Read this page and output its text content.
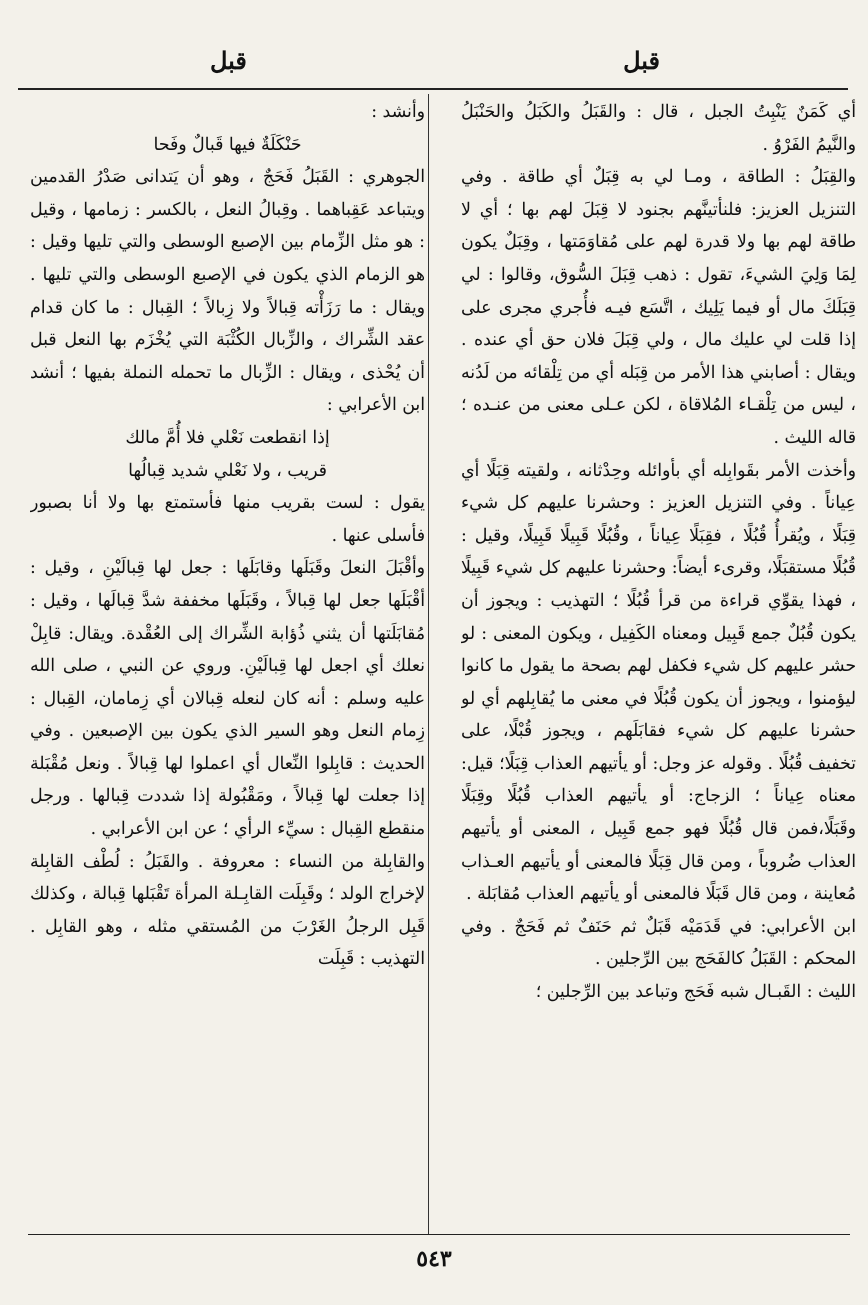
قبل
قبل

أي كَمَنٌ يَنْبِتُ الجبل ، قال : والقَبَلُ والكَبَلُ والحَنْبَلُ والنَّيمُ الفَرْوُ .

والقِبَلُ : الطاقة ، ومـا لي به قِبَلٌ أي طاقة . وفي التنزيل العزيز: فلنأتينَّهم بجنود لا قِبَلَ لهم بها ؛ أي لا طاقة لهم بها ولا قدرة لهم على مُقاوَمَتها ، وقِبَلٌ يكون لِمَا وَلِيَ الشيءَ، تقول : ذهب قِبَلَ السُّوق، وقالوا : لي قِبَلَكَ مال أو فيما يَلِيك ، اتَّسَع فيـه فأُجري مجرى على إذا قلت لي عليك مال ، ولي قِبَلَ فلان حق أي عنده . ويقال : أصابني هذا الأمر من قِبَله أي من تِلْقائه من لَدُنه ، ليس من تِلْقـاء المُلاقاة ، لكن عـلى معنى من عنـده ؛ قاله الليث .

وأخذت الأمر بقَوابِله أي بأوائله وحِدْثانه ، ولقيته قِبَلًا أي عِياناً . وفي التنزيل العزيز : وحشرنا عليهم كل شيء قِبَلًا ، ويُقرأُ قُبُلًا ، فقِبَلًا عِياناً ، وقُبُلًا قَبِيلًا قَبِيلًا، وقيل : قُبُلًا مستقبَلًا، وقرىء أيضاً: وحشرنا عليهم كل شيء قَبِيلًا ، فهذا يقوِّي قراءة من قرأ قُبُلًا ؛ التهذيب : ويجوز أن يكون قُبُلٌ جمع قَبِيل ومعناه الكَفِيل ، ويكون المعنى : لو حشر عليهم كل شيء فكفل لهم بصحة ما يقول ما كانوا ليؤمنوا ، ويجوز أن يكون قُبُلًا في معنى ما يُقابِلهم أي لو حشرنا عليهم كل شيء فقابَلَهم ، ويجوز قُبْلًا، على تخفيف قُبُلًا . وقوله عز وجل: أو يأتيهم العذاب قِبَلًا؛ قيل: معناه عِياناً ؛ الزجاج: أو يأتيهم العذاب قُبُلًا وقِبَلًا وقَبَلًا،فمن قال قُبُلًا فهو جمع قَبِيل ، المعنى أو يأتيهم العذاب ضُروباً ، ومن قال قِبَلًا فالمعنى أو يأتيهم العـذاب مُعاينة ، ومن قال قَبَلًا فالمعنى أو يأتيهم العذاب مُقابَلة .

ابن الأعرابي: في قَدَمَيْه قَبَلٌ ثم حَنَفٌ ثم فَحَجٌ . وفي المحكم : القَبَلُ كالفَحَج بين الرِّجلين .

الليث : القَبـال شبه فَحَج وتباعد بين الرِّجلين ؛

وأنشد :

حَنْكَلَةٌ فيها قَبالٌ وفَحا

الجوهري : القَبَلُ فَحَجٌ ، وهو أن يَتدانى صَدْرُ القدمين ويتباعد عَقِباهما . وقِبالُ النعل ، بالكسر : زمامها ، وقيل : هو مثل الزِّمام بين الإصبع الوسطى والتي تليها وقيل : هو الزمام الذي يكون في الإصبع الوسطى والتي تليها . ويقال : ما رَزَأْته قِبالاً ولا زِبالاً ؛ القِبال : ما كان قدام عقد الشِّراك ، والزِّبال الكُثْبَة التي يُخْزَم بها النعل قبل أن يُحْذى ، ويقال : الزِّبال ما تحمله النملة بفيها ؛ أنشد ابن الأعرابي :

إذا انقطعت نَعْلي فلا أُمَّ مالك
قريب ، ولا نَعْلي شديد قِبالُها

يقول : لست بقريب منها فأستمتع بها ولا أنا بصبور فأسلى عنها .

وأقْبَلَ النعلَ وقَبَلَها وقابَلَها : جعل لها قِبالَيْنِ ، وقيل : أقْبَلَها جعل لها قِبالاً ، وقَبَلَها مخففة شدَّ قِبالَها ، وقيل : مُقابَلَتها أن يثني ذُؤابة الشِّراك إلى العُقْدة. ويقال: قابِلْ نعلك أي اجعل لها قِبالَيْنِ. وروي عن النبي ، صلى الله عليه وسلم : أنه كان لنعله قِبالان أي زِمامان، القِبال : زِمام النعل وهو السير الذي يكون بين الإصبعين . وفي الحديث : قابِلوا النِّعال أي اعملوا لها قِبالاً . ونعل مُقْبَلة إذا جعلت لها قِبالاً ، ومَقْبُولة إذا شددت قِبالها . ورجل منقطع القِبال : سيِّء الرأي ؛ عن ابن الأعرابي .

والقابِلة من النساء : معروفة . والقَبَلُ : لُطْف القابِلة لإخراج الولد ؛ وقَبِلَت القابِـلة المرأة تَقْبَلها قِبالة ، وكذلك قَبِل الرجلُ الغَرْبَ من المُستقي مثله ، وهو القابِل . التهذيب : قَبِلَت

٥٤٣
